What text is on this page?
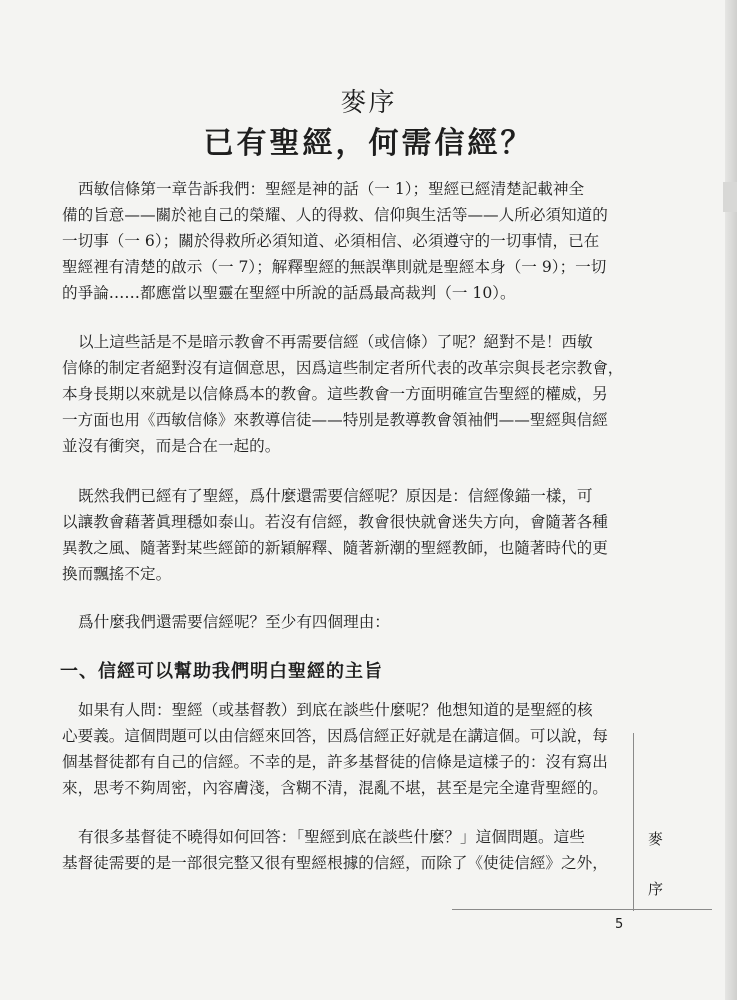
麥序
已有聖經，何需信經？

西敏信條第一章告訴我們：聖經是神的話（一 1）；聖經已經清楚記載神全
備的旨意——關於祂自己的榮耀、人的得救、信仰與生活等——人所必須知道的
一切事（一 6）；關於得救所必須知道、必須相信、必須遵守的一切事情，已在
聖經裡有清楚的啟示（一 7）；解釋聖經的無誤準則就是聖經本身（一 9）；一切
的爭論……都應當以聖靈在聖經中所說的話爲最高裁判（一 10）。

以上這些話是不是暗示教會不再需要信經（或信條）了呢？絕對不是！西敏
信條的制定者絕對沒有這個意思，因爲這些制定者所代表的改革宗與長老宗教會，
本身長期以來就是以信條爲本的教會。這些教會一方面明確宣告聖經的權威，另
一方面也用《西敏信條》來教導信徒——特別是教導教會領袖們——聖經與信經
並沒有衝突，而是合在一起的。

既然我們已經有了聖經，爲什麼還需要信經呢？原因是：信經像錨一樣，可
以讓教會藉著眞理穩如泰山。若沒有信經，教會很快就會迷失方向，會隨著各種
異教之風、隨著對某些經節的新穎解釋、隨著新潮的聖經教師，也隨著時代的更
換而飄搖不定。

爲什麼我們還需要信經呢？至少有四個理由：

一、信經可以幫助我們明白聖經的主旨

如果有人問：聖經（或基督教）到底在談些什麼呢？他想知道的是聖經的核
心要義。這個問題可以由信經來回答，因爲信經正好就是在講這個。可以說，每
個基督徒都有自己的信經。不幸的是，許多基督徒的信條是這樣子的：沒有寫出
來，思考不夠周密，內容膚淺，含糊不清，混亂不堪，甚至是完全違背聖經的。

有很多基督徒不曉得如何回答：「聖經到底在談些什麼？」這個問題。這些
基督徒需要的是一部很完整又很有聖經根據的信經，而除了《使徒信經》之外，

麥
序
5
